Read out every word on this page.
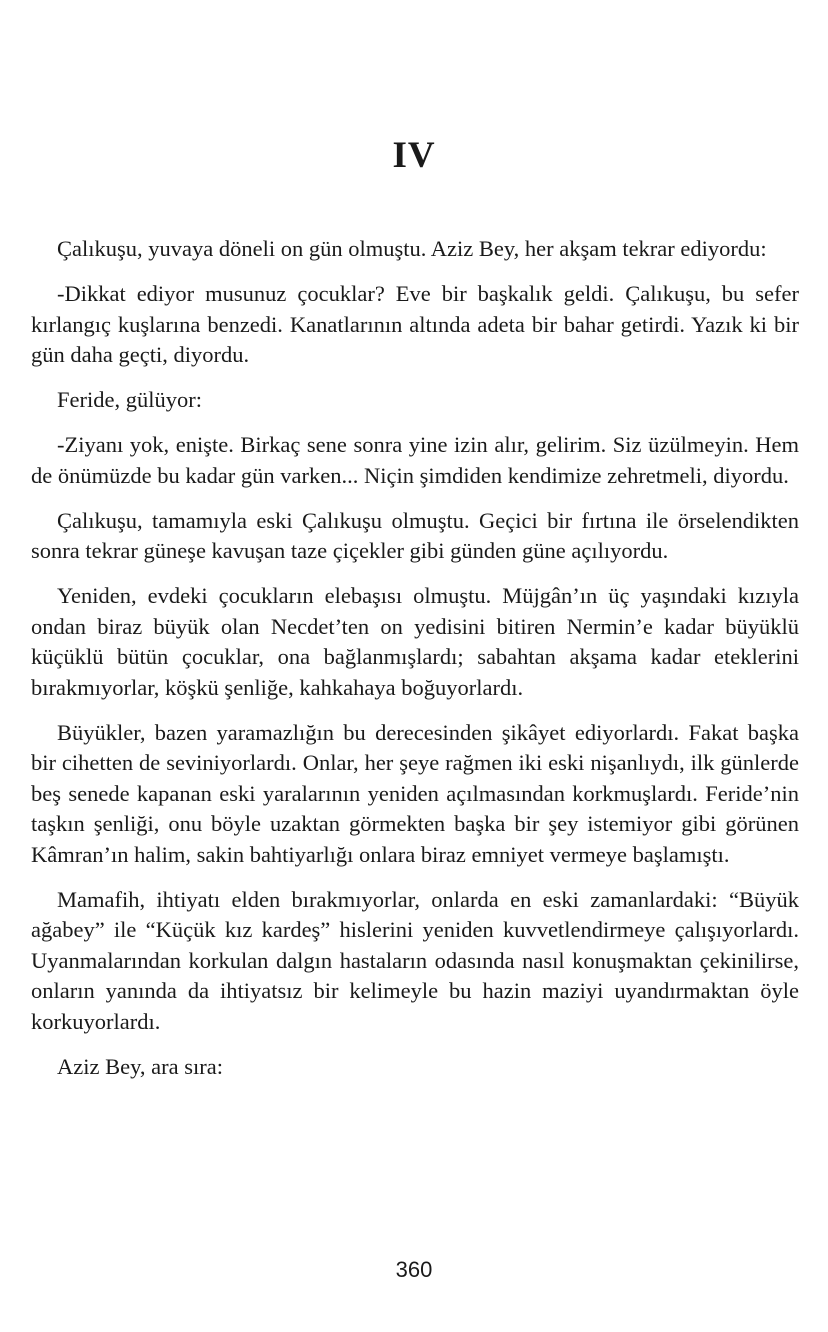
IV

Çalıkuşu, yuvaya döneli on gün olmuştu. Aziz Bey, her akşam tekrar ediyordu:

-Dikkat ediyor musunuz çocuklar? Eve bir başkalık geldi. Çalıkuşu, bu sefer kırlangıç kuşlarına benzedi. Kanatlarının altında adeta bir bahar getirdi. Yazık ki bir gün daha geçti, diyordu.

Feride, gülüyor:

-Ziyanı yok, enişte. Birkaç sene sonra yine izin alır, gelirim. Siz üzülmeyin. Hem de önümüzde bu kadar gün varken... Niçin şimdiden kendimize zehretmeli, diyordu.

Çalıkuşu, tamamıyla eski Çalıkuşu olmuştu. Geçici bir fırtına ile örselendikten sonra tekrar güneşe kavuşan taze çiçekler gibi günden güne açılıyordu.

Yeniden, evdeki çocukların elebaşısı olmuştu. Müjgân’ın üç yaşındaki kızıyla ondan biraz büyük olan Necdet’ten on yedisini bitiren Nermin’e kadar büyüklü küçüklü bütün çocuklar, ona bağlanmışlardı; sabahtan akşama kadar eteklerini bırakmıyorlar, köşkü şenliğe, kahkahaya boğuyorlardı.

Büyükler, bazen yaramazlığın bu derecesinden şikâyet ediyorlardı. Fakat başka bir cihetten de seviniyorlardı. Onlar, her şeye rağmen iki eski nişanlıydı, ilk günlerde beş senede kapanan eski yaralarının yeniden açılmasından korkmuşlardı. Feride’nin taşkın şenliği, onu böyle uzaktan görmekten başka bir şey istemiyor gibi görünen Kâmran’ın halim, sakin bahtiyarlığı onlara biraz emniyet vermeye başlamıştı.

Mamafih, ihtiyatı elden bırakmıyorlar, onlarda en eski zamanlardaki: “Büyük ağabey” ile “Küçük kız kardeş” hislerini yeniden kuvvetlendirmeye çalışıyorlardı. Uyanmalarından korkulan dalgın hastaların odasında nasıl konuşmaktan çekinilirse, onların yanında da ihtiyatsız bir kelimeyle bu hazin maziyi uyandırmaktan öyle korkuyorlardı.

Aziz Bey, ara sıra:

360
